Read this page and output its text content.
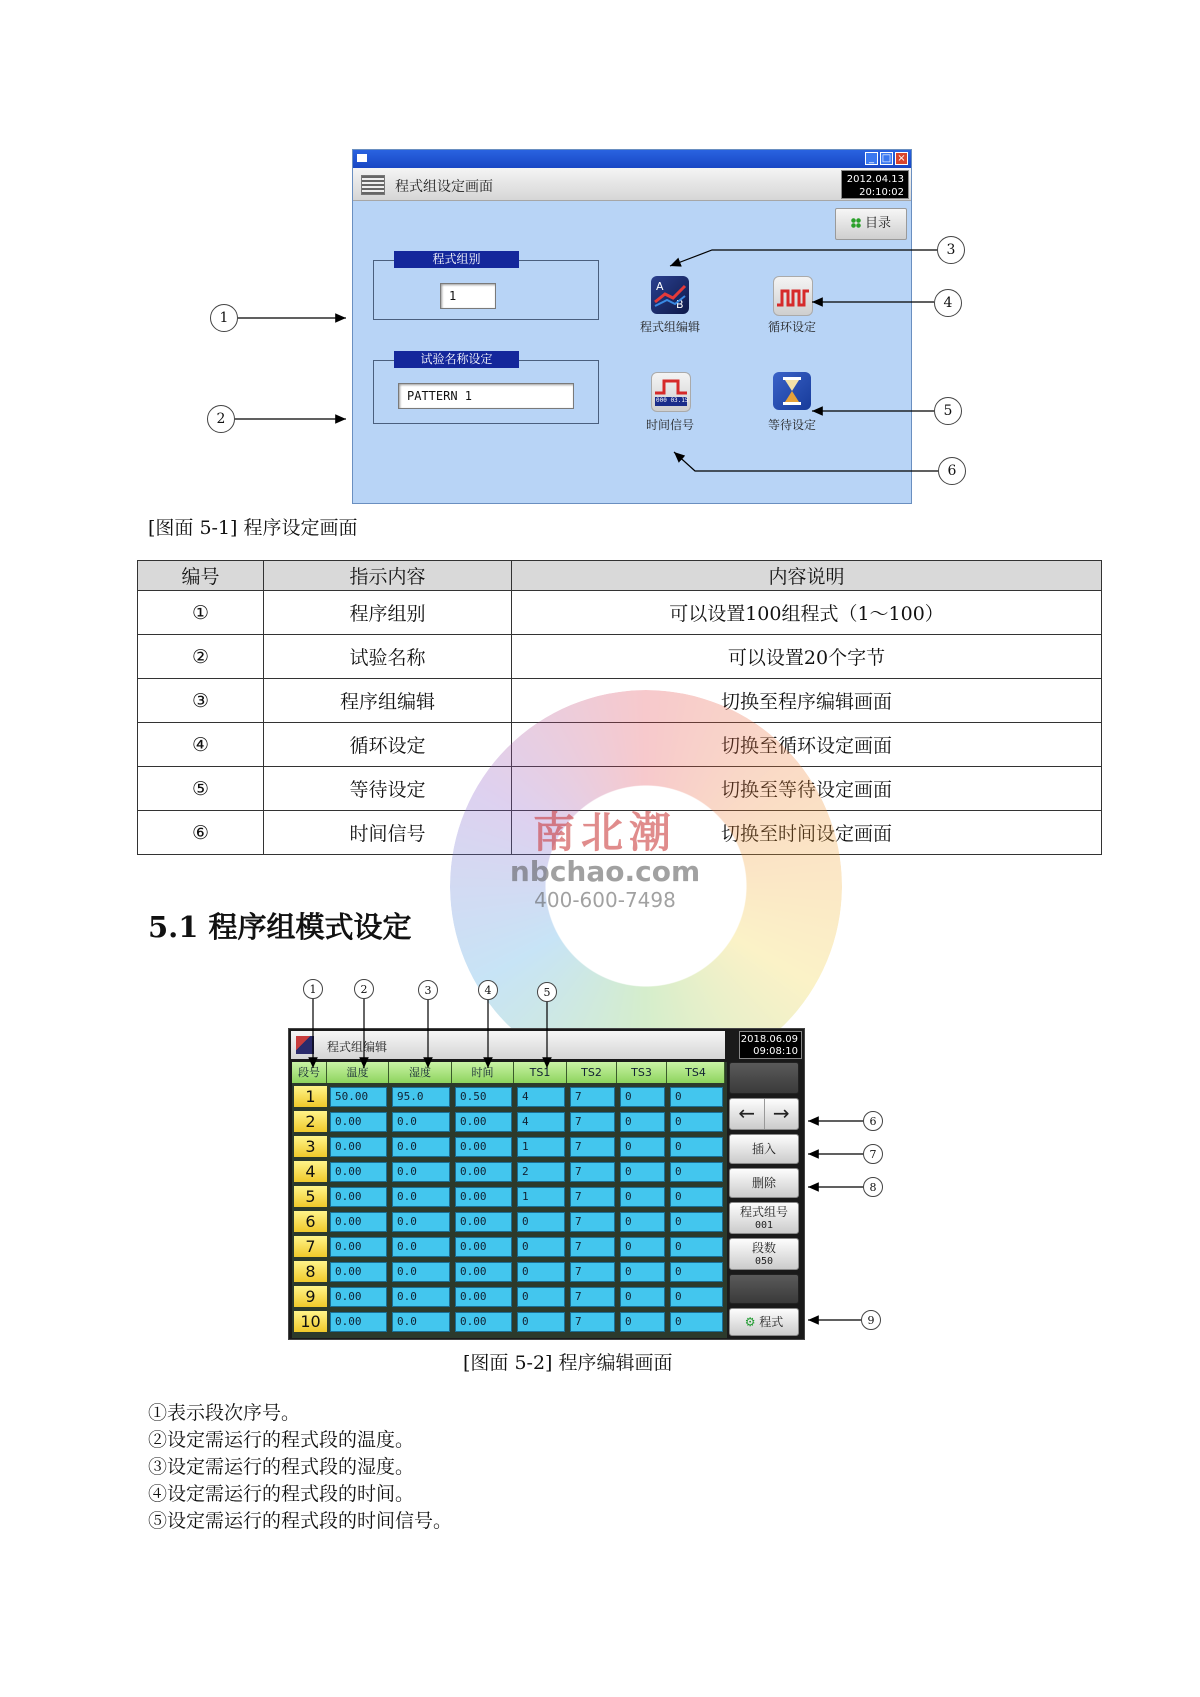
_ □ ×
程式组设定画面	2012.04.13
20:10:02
目录
程式组别
1
试验名称设定
PATTERN 1
A
B
程式组编辑	循环设定
000 03.15
时间信号	等待设定
1
2
3
4
5
6
[图面 5-1] 程序设定画面
编号	指示内容	内容说明
①	程序组别	可以设置100组程式（1～100）
②	试验名称	可以设置20个字节
③	程序组编辑	切换至程序编辑画面
④	循环设定	切换至循环设定画面
⑤	等待设定	切换至等待设定画面
⑥	时间信号	切换至时间设定画面
南北潮
nbchao.com
400-600-7498
5.1 程序组模式设定
1	2	3	4	5
程式组编辑
2018.06.09
09:08:10
段号	温度	湿度	时间	TS1	TS2	TS3	TS4
1	50.00	95.0	0.50	4	7	0	0
2	0.00	0.0	0.00	4	7	0	0
3	0.00	0.0	0.00	1	7	0	0
4	0.00	0.0	0.00	2	7	0	0
5	0.00	0.0	0.00	1	7	0	0
6	0.00	0.0	0.00	0	7	0	0
7	0.00	0.0	0.00	0	7	0	0
8	0.00	0.0	0.00	0	7	0	0
9	0.00	0.0	0.00	0	7	0	0
10	0.00	0.0	0.00	0	7	0	0
← →
插入
删除
程式组号
001
段数
050
⚙ 程式
6
7
8
9
[图面 5-2] 程序编辑画面
①表示段次序号。
②设定需运行的程式段的温度。
③设定需运行的程式段的湿度。
④设定需运行的程式段的时间。
⑤设定需运行的程式段的时间信号。
